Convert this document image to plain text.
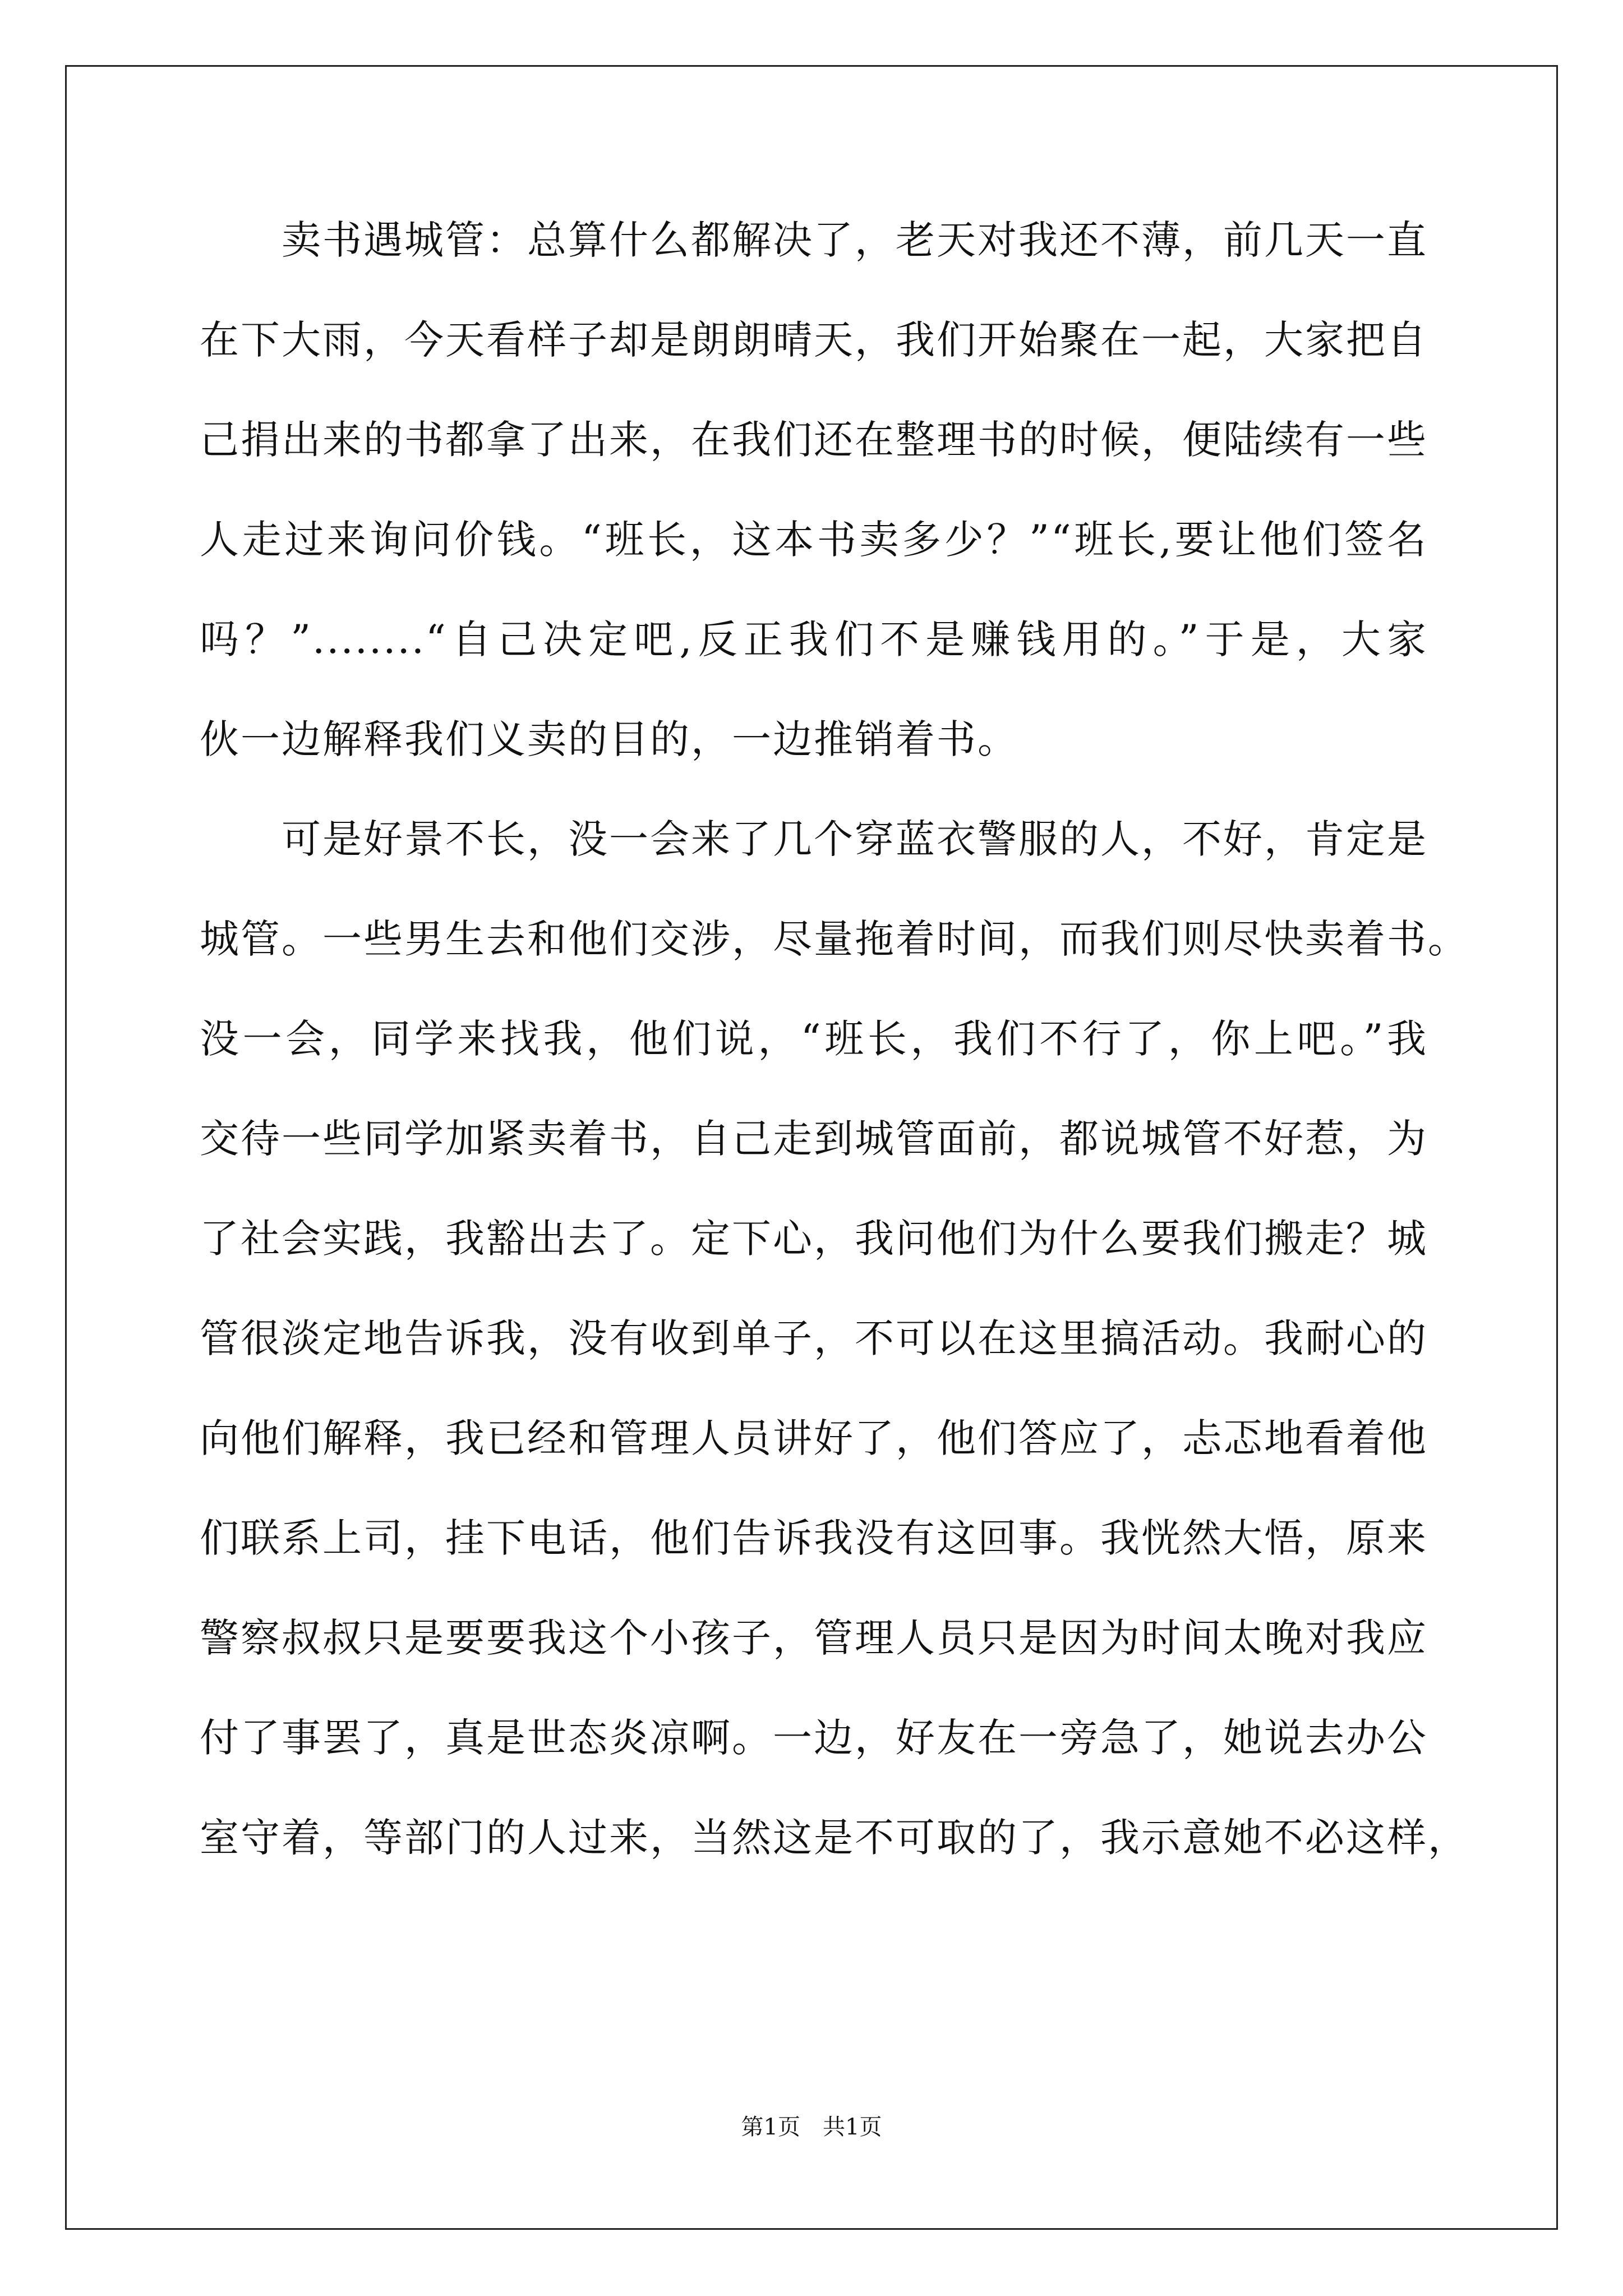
卖书遇城管：总算什么都解决了，老天对我还不薄，前几天一直
在下大雨，今天看样子却是朗朗晴天，我们开始聚在一起，大家把自
己捐出来的书都拿了出来，在我们还在整理书的时候，便陆续有一些
人走过来询问价钱。“班长，这本书卖多少？”“班长,要让他们签名
吗？”........“自己决定吧,反正我们不是赚钱用的。”于是，大家
伙一边解释我们义卖的目的，一边推销着书。
可是好景不长，没一会来了几个穿蓝衣警服的人，不好，肯定是
城管。一些男生去和他们交涉，尽量拖着时间，而我们则尽快卖着书。
没一会，同学来找我，他们说，“班长，我们不行了，你上吧。”我
交待一些同学加紧卖着书，自己走到城管面前，都说城管不好惹，为
了社会实践，我豁出去了。定下心，我问他们为什么要我们搬走？城
管很淡定地告诉我，没有收到单子，不可以在这里搞活动。我耐心的
向他们解释，我已经和管理人员讲好了，他们答应了，忐忑地看着他
们联系上司，挂下电话，他们告诉我没有这回事。我恍然大悟，原来
警察叔叔只是要要我这个小孩子，管理人员只是因为时间太晚对我应
付了事罢了，真是世态炎凉啊。一边，好友在一旁急了，她说去办公
室守着，等部门的人过来，当然这是不可取的了，我示意她不必这样，
第1页　共1页
